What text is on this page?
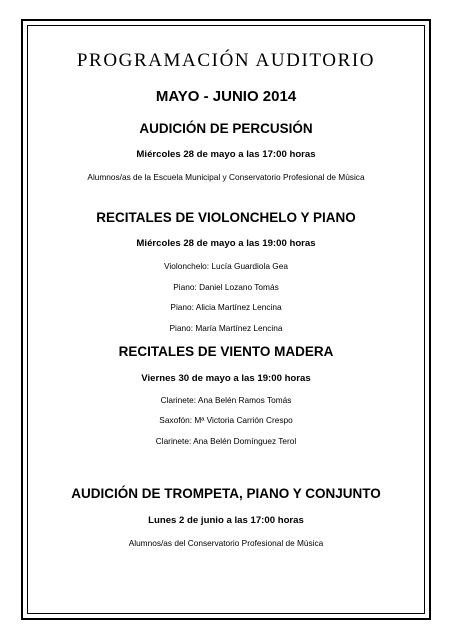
PROGRAMACIÓN AUDITORIO
MAYO - JUNIO 2014
AUDICIÓN DE PERCUSIÓN
Miércoles 28 de mayo a las 17:00 horas
Alumnos/as de la Escuela Municipal y Conservatorio Profesional de Música
RECITALES DE VIOLONCHELO Y PIANO
Miércoles 28 de mayo a las 19:00 horas
Violonchelo: Lucía Guardiola Gea
Piano: Daniel Lozano Tomás
Piano: Alicia Martínez Lencina
Piano: María Martínez Lencina
RECITALES DE VIENTO MADERA
Viernes 30 de mayo a las 19:00 horas
Clarinete: Ana Belén Ramos Tomás
Saxofón: Mª Victoria Carrión Crespo
Clarinete: Ana Belén Domínguez Terol
AUDICIÓN DE TROMPETA, PIANO Y CONJUNTO
Lunes 2 de junio a las 17:00 horas
Alumnos/as del Conservatorio Profesional de Música
